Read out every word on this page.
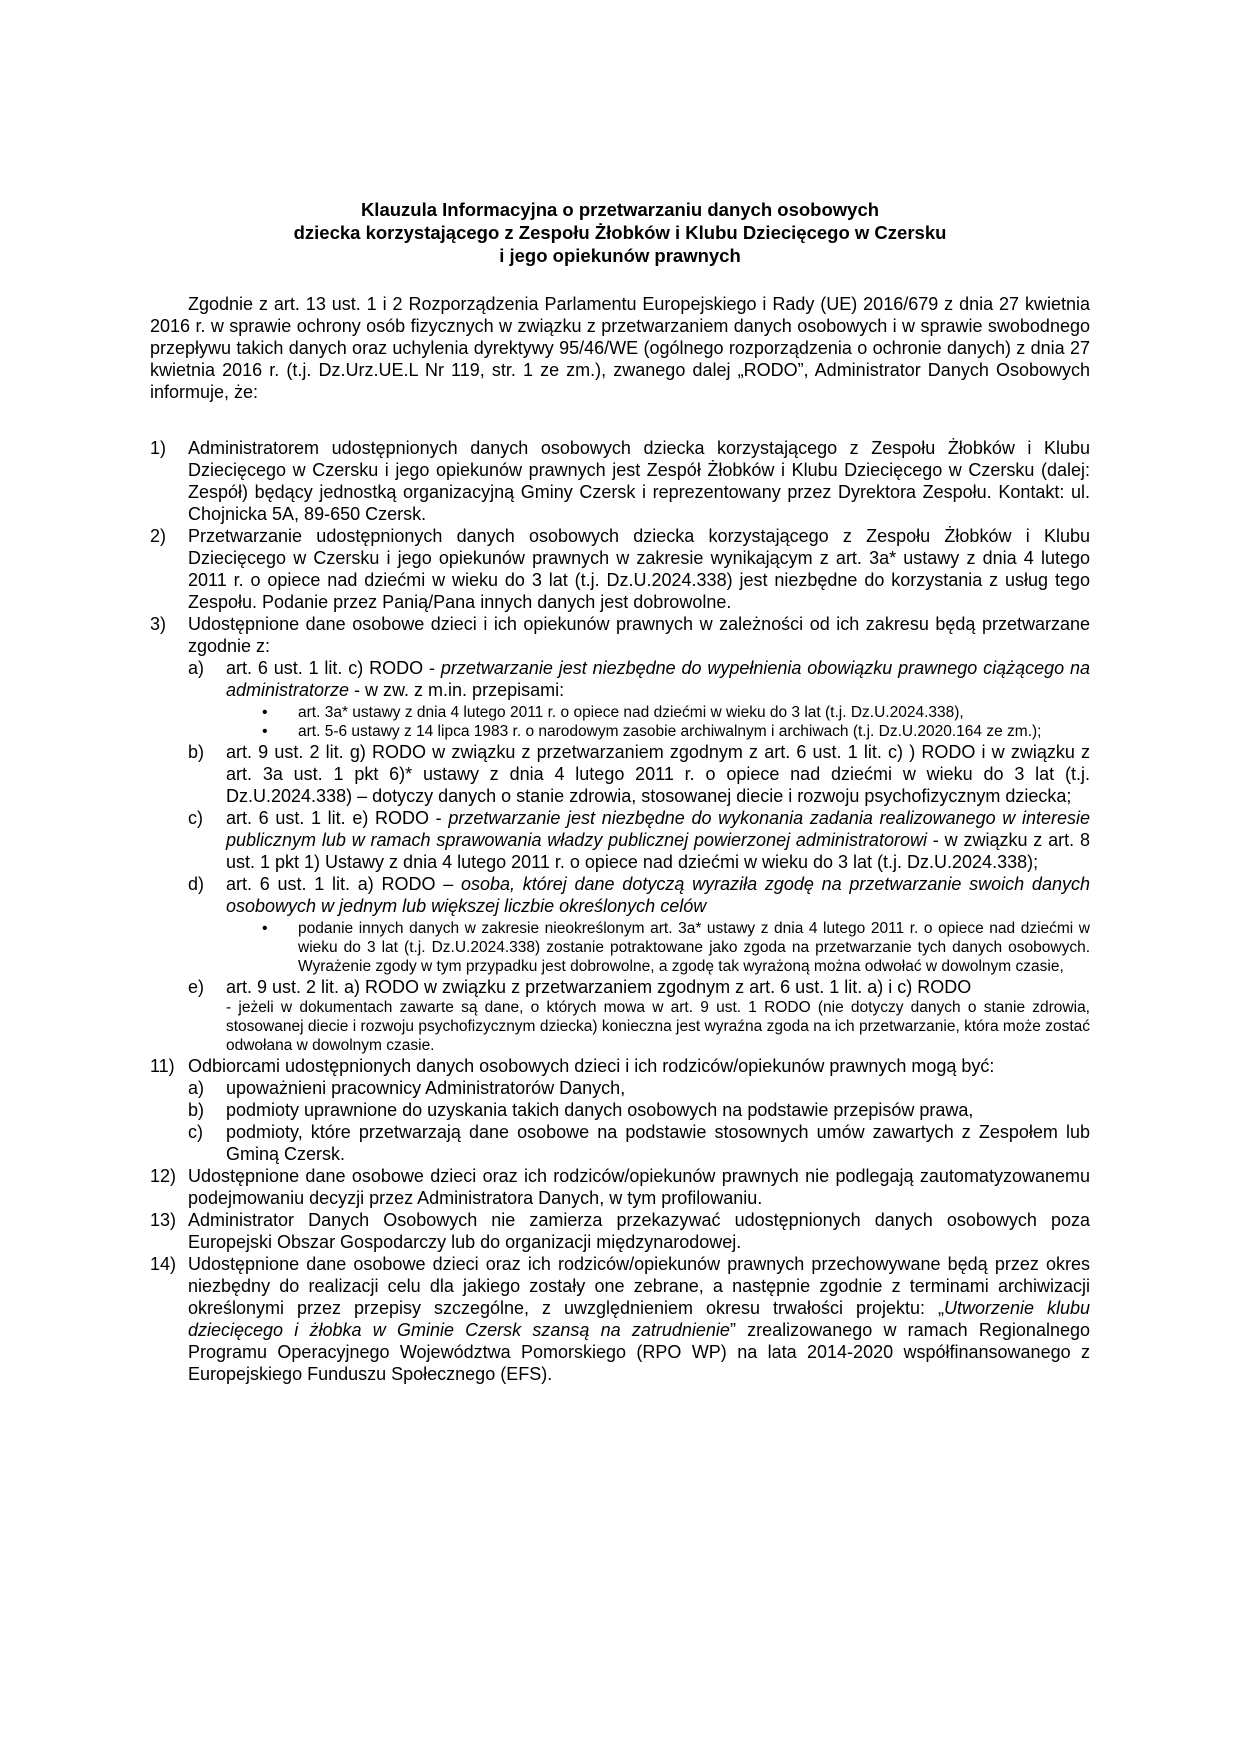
Klauzula Informacyjna o przetwarzaniu danych osobowych
dziecka korzystającego z Zespołu Żłobków i Klubu Dziecięcego w Czersku
i jego opiekunów prawnych
Zgodnie z art. 13 ust. 1 i 2 Rozporządzenia Parlamentu Europejskiego i Rady (UE) 2016/679 z dnia 27 kwietnia 2016 r. w sprawie ochrony osób fizycznych w związku z przetwarzaniem danych osobowych i w sprawie swobodnego przepływu takich danych oraz uchylenia dyrektywy 95/46/WE (ogólnego rozporządzenia o ochronie danych) z dnia 27 kwietnia 2016 r. (t.j. Dz.Urz.UE.L Nr 119, str. 1 ze zm.), zwanego dalej „RODO”, Administrator Danych Osobowych informuje, że:
1) Administratorem udostępnionych danych osobowych dziecka korzystającego z Zespołu Żłobków i Klubu Dziecięcego w Czersku i jego opiekunów prawnych jest Zespół Żłobków i Klubu Dziecięcego w Czersku (dalej: Zespół) będący jednostką organizacyjną Gminy Czersk i reprezentowany przez Dyrektora Zespołu. Kontakt: ul. Chojnicka 5A, 89-650 Czersk.
2) Przetwarzanie udostępnionych danych osobowych dziecka korzystającego z Zespołu Żłobków i Klubu Dziecięcego w Czersku i jego opiekunów prawnych w zakresie wynikającym z art. 3a* ustawy z dnia 4 lutego 2011 r. o opiece nad dziećmi w wieku do 3 lat (t.j. Dz.U.2024.338) jest niezbędne do korzystania z usług tego Zespołu. Podanie przez Panią/Pana innych danych jest dobrowolne.
3) Udostępnione dane osobowe dzieci i ich opiekunów prawnych w zależności od ich zakresu będą przetwarzane zgodnie z:
a) art. 6 ust. 1 lit. c) RODO - przetwarzanie jest niezbędne do wypełnienia obowiązku prawnego ciążącego na administratorze - w zw. z m.in. przepisami:
• art. 3a* ustawy z dnia 4 lutego 2011 r. o opiece nad dziećmi w wieku do 3 lat (t.j. Dz.U.2024.338),
• art. 5-6 ustawy z 14 lipca 1983 r. o narodowym zasobie archiwalnym i archiwach (t.j. Dz.U.2020.164 ze zm.);
b) art. 9 ust. 2 lit. g) RODO w związku z przetwarzaniem zgodnym z art. 6 ust. 1 lit. c) ) RODO i w związku z art. 3a ust. 1 pkt 6)* ustawy z dnia 4 lutego 2011 r. o opiece nad dziećmi w wieku do 3 lat (t.j. Dz.U.2024.338) – dotyczy danych o stanie zdrowia, stosowanej diecie i rozwoju psychofizycznym dziecka;
c) art. 6 ust. 1 lit. e) RODO - przetwarzanie jest niezbędne do wykonania zadania realizowanego w interesie publicznym lub w ramach sprawowania władzy publicznej powierzonej administratorowi - w związku z art. 8 ust. 1 pkt 1) Ustawy z dnia 4 lutego 2011 r. o opiece nad dziećmi w wieku do 3 lat (t.j. Dz.U.2024.338);
d) art. 6 ust. 1 lit. a) RODO – osoba, której dane dotyczą wyraziła zgodę na przetwarzanie swoich danych osobowych w jednym lub większej liczbie określonych celów
• podanie innych danych w zakresie nieokreślonym art. 3a* ustawy z dnia 4 lutego 2011 r. o opiece nad dziećmi w wieku do 3 lat (t.j. Dz.U.2024.338) zostanie potraktowane jako zgoda na przetwarzanie tych danych osobowych. Wyrażenie zgody w tym przypadku jest dobrowolne, a zgodę tak wyrażoną można odwołać w dowolnym czasie,
e) art. 9 ust. 2 lit. a) RODO w związku z przetwarzaniem zgodnym z art. 6 ust. 1 lit. a) i c) RODO
- jeżeli w dokumentach zawarte są dane, o których mowa w art. 9 ust. 1 RODO (nie dotyczy danych o stanie zdrowia, stosowanej diecie i rozwoju psychofizycznym dziecka) konieczna jest wyraźna zgoda na ich przetwarzanie, która może zostać odwołana w dowolnym czasie.
11) Odbiorcami udostępnionych danych osobowych dzieci i ich rodziców/opiekunów prawnych mogą być:
a) upoważnieni pracownicy Administratorów Danych,
b) podmioty uprawnione do uzyskania takich danych osobowych na podstawie przepisów prawa,
c) podmioty, które przetwarzają dane osobowe na podstawie stosownych umów zawartych z Zespołem lub Gminą Czersk.
12) Udostępnione dane osobowe dzieci oraz ich rodziców/opiekunów prawnych nie podlegają zautomatyzowanemu podejmowaniu decyzji przez Administratora Danych, w tym profilowaniu.
13) Administrator Danych Osobowych nie zamierza przekazywać udostępnionych danych osobowych poza Europejski Obszar Gospodarczy lub do organizacji międzynarodowej.
14) Udostępnione dane osobowe dzieci oraz ich rodziców/opiekunów prawnych przechowywane będą przez okres niezbędny do realizacji celu dla jakiego zostały one zebrane, a następnie zgodnie z terminami archiwizacji określonymi przez przepisy szczególne, z uwzględnieniem okresu trwałości projektu: „Utworzenie klubu dziecięcego i żłobka w Gminie Czersk szansą na zatrudnienie” zrealizowanego w ramach Regionalnego Programu Operacyjnego Województwa Pomorskiego (RPO WP) na lata 2014-2020 współfinansowanego z Europejskiego Funduszu Społecznego (EFS).
